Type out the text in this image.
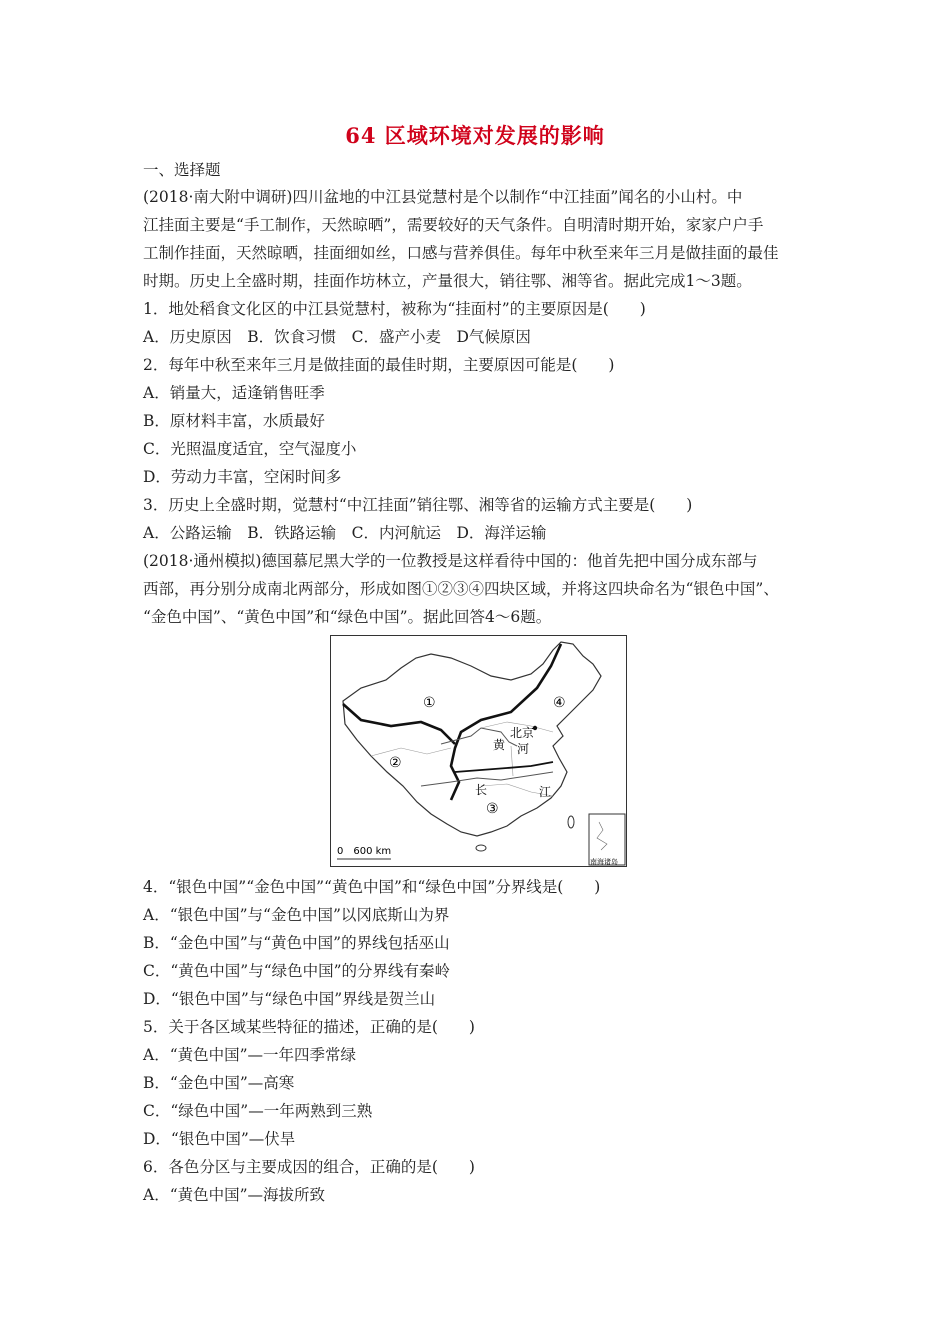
64 区域环境对发展的影响
一、选择题
(2018·南大附中调研)四川盆地的中江县觉慧村是个以制作“中江挂面”闻名的小山村。中
江挂面主要是“手工制作，天然晾晒”，需要较好的天气条件。自明清时期开始，家家户户手
工制作挂面，天然晾晒，挂面细如丝，口感与营养俱佳。每年中秋至来年三月是做挂面的最佳
时期。历史上全盛时期，挂面作坊林立，产量很大，销往鄂、湘等省。据此完成1～3题。
1．地处稻食文化区的中江县觉慧村，被称为“挂面村”的主要原因是(　　)
A．历史原因　B．饮食习惯　C．盛产小麦　D气候原因
2．每年中秋至来年三月是做挂面的最佳时期，主要原因可能是(　　)
A．销量大，适逢销售旺季
B．原材料丰富，水质最好
C．光照温度适宜，空气湿度小
D．劳动力丰富，空闲时间多
3．历史上全盛时期，觉慧村“中江挂面”销往鄂、湘等省的运输方式主要是(　　)
A．公路运输　B．铁路运输　C．内河航运　D．海洋运输
(2018·通州模拟)德国慕尼黑大学的一位教授是这样看待中国的：他首先把中国分成东部与
西部，再分别分成南北两部分，形成如图①②③④四块区域，并将这四块命名为“银色中国”、
“金色中国”、“黄色中国”和“绿色中国”。据此回答4～6题。
①
②
③
④
北京
黄 河
长	江
0　600 km
南海诸岛
4．“银色中国”“金色中国”“黄色中国”和“绿色中国”分界线是(　　)
A．“银色中国”与“金色中国”以冈底斯山为界
B．“金色中国”与“黄色中国”的界线包括巫山
C．“黄色中国”与“绿色中国”的分界线有秦岭
D．“银色中国”与“绿色中国”界线是贺兰山
5．关于各区域某些特征的描述，正确的是(　　)
A．“黄色中国”—一年四季常绿
B．“金色中国”—高寒
C．“绿色中国”—一年两熟到三熟
D．“银色中国”—伏旱
6．各色分区与主要成因的组合，正确的是(　　)
A．“黄色中国”—海拔所致
